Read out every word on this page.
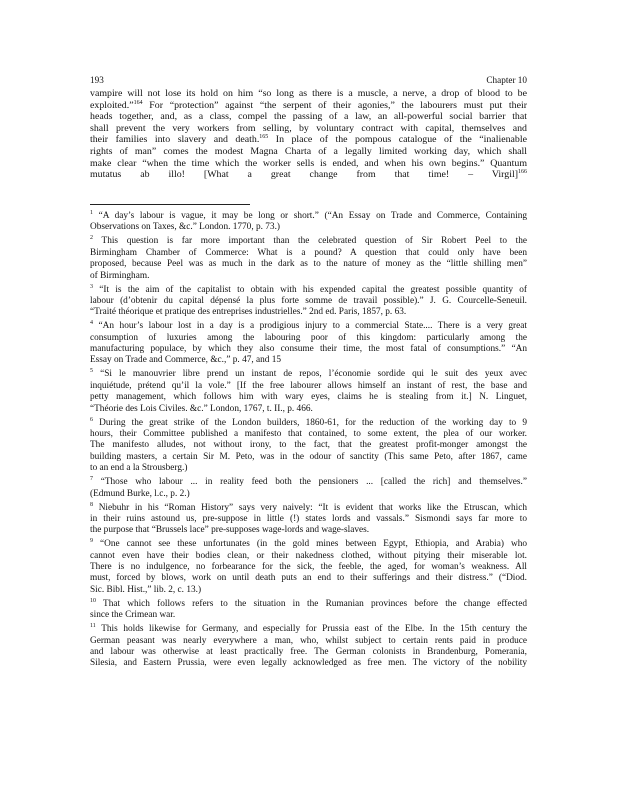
193	Chapter 10
vampire will not lose its hold on him “so long as there is a muscle, a nerve, a drop of blood to be
exploited.”$^{164}$ For “protection” against “the serpent of their agonies,” the labourers must put their
heads together, and, as a class, compel the passing of a law, an all-powerful social barrier that
shall prevent the very workers from selling, by voluntary contract with capital, themselves and
their families into slavery and death.$^{165}$ In place of the pompous catalogue of the “inalienable
rights of man” comes the modest Magna Charta of a legally limited working day, which shall
make clear “when the time which the worker sells is ended, and when his own begins.” Quantum
mutatus ab illo! [What a great change from that time! – Virgil]$^{166}$
$^1$ “A day’s labour is vague, it may be long or short.” (“An Essay on Trade and Commerce, Containing
Observations on Taxes, &c.” London. 1770, p. 73.)
$^2$ This question is far more important than the celebrated question of Sir Robert Peel to the
Birmingham Chamber of Commerce: What is a pound? A question that could only have been
proposed, because Peel was as much in the dark as to the nature of money as the “little shilling men”
of Birmingham.
$^3$ “It is the aim of the capitalist to obtain with his expended capital the greatest possible quantity of
labour (d’obtenir du capital dépensé la plus forte somme de travail possible).” J. G. Courcelle-Seneuil.
“Traité théorique et pratique des entreprises industrielles.” 2nd ed. Paris, 1857, p. 63.
$^4$ “An hour’s labour lost in a day is a prodigious injury to a commercial State.... There is a very great
consumption of luxuries among the labouring poor of this kingdom: particularly among the
manufacturing populace, by which they also consume their time, the most fatal of consumptions.” “An
Essay on Trade and Commerce, &c.,” p. 47, and 15
$^5$ “Si le manouvrier libre prend un instant de repos, l’économie sordide qui le suit des yeux avec
inquiétude, prétend qu’il la vole.” [If the free labourer allows himself an instant of rest, the base and
petty management, which follows him with wary eyes, claims he is stealing from it.] N. Linguet,
“Théorie des Lois Civiles. &c.” London, 1767, t. II., p. 466.
$^6$ During the great strike of the London builders, 1860-61, for the reduction of the working day to 9
hours, their Committee published a manifesto that contained, to some extent, the plea of our worker.
The manifesto alludes, not without irony, to the fact, that the greatest profit-monger amongst the
building masters, a certain Sir M. Peto, was in the odour of sanctity (This same Peto, after 1867, came
to an end a la Strousberg.)
$^7$ “Those who labour ... in reality feed both the pensioners ... [called the rich] and themselves.”
(Edmund Burke, l.c., p. 2.)
$^8$ Niebuhr in his “Roman History” says very naively: “It is evident that works like the Etruscan, which
in their ruins astound us, pre-suppose in little (!) states lords and vassals.” Sismondi says far more to
the purpose that “Brussels lace” pre-supposes wage-lords and wage-slaves.
$^9$ “One cannot see these unfortunates (in the gold mines between Egypt, Ethiopia, and Arabia) who
cannot even have their bodies clean, or their nakedness clothed, without pitying their miserable lot.
There is no indulgence, no forbearance for the sick, the feeble, the aged, for woman’s weakness. All
must, forced by blows, work on until death puts an end to their sufferings and their distress.” (“Diod.
Sic. Bibl. Hist.,” lib. 2, c. 13.)
$^{10}$ That which follows refers to the situation in the Rumanian provinces before the change effected
since the Crimean war.
$^{11}$ This holds likewise for Germany, and especially for Prussia east of the Elbe. In the 15th century the
German peasant was nearly everywhere a man, who, whilst subject to certain rents paid in produce
and labour was otherwise at least practically free. The German colonists in Brandenburg, Pomerania,
Silesia, and Eastern Prussia, were even legally acknowledged as free men. The victory of the nobility
